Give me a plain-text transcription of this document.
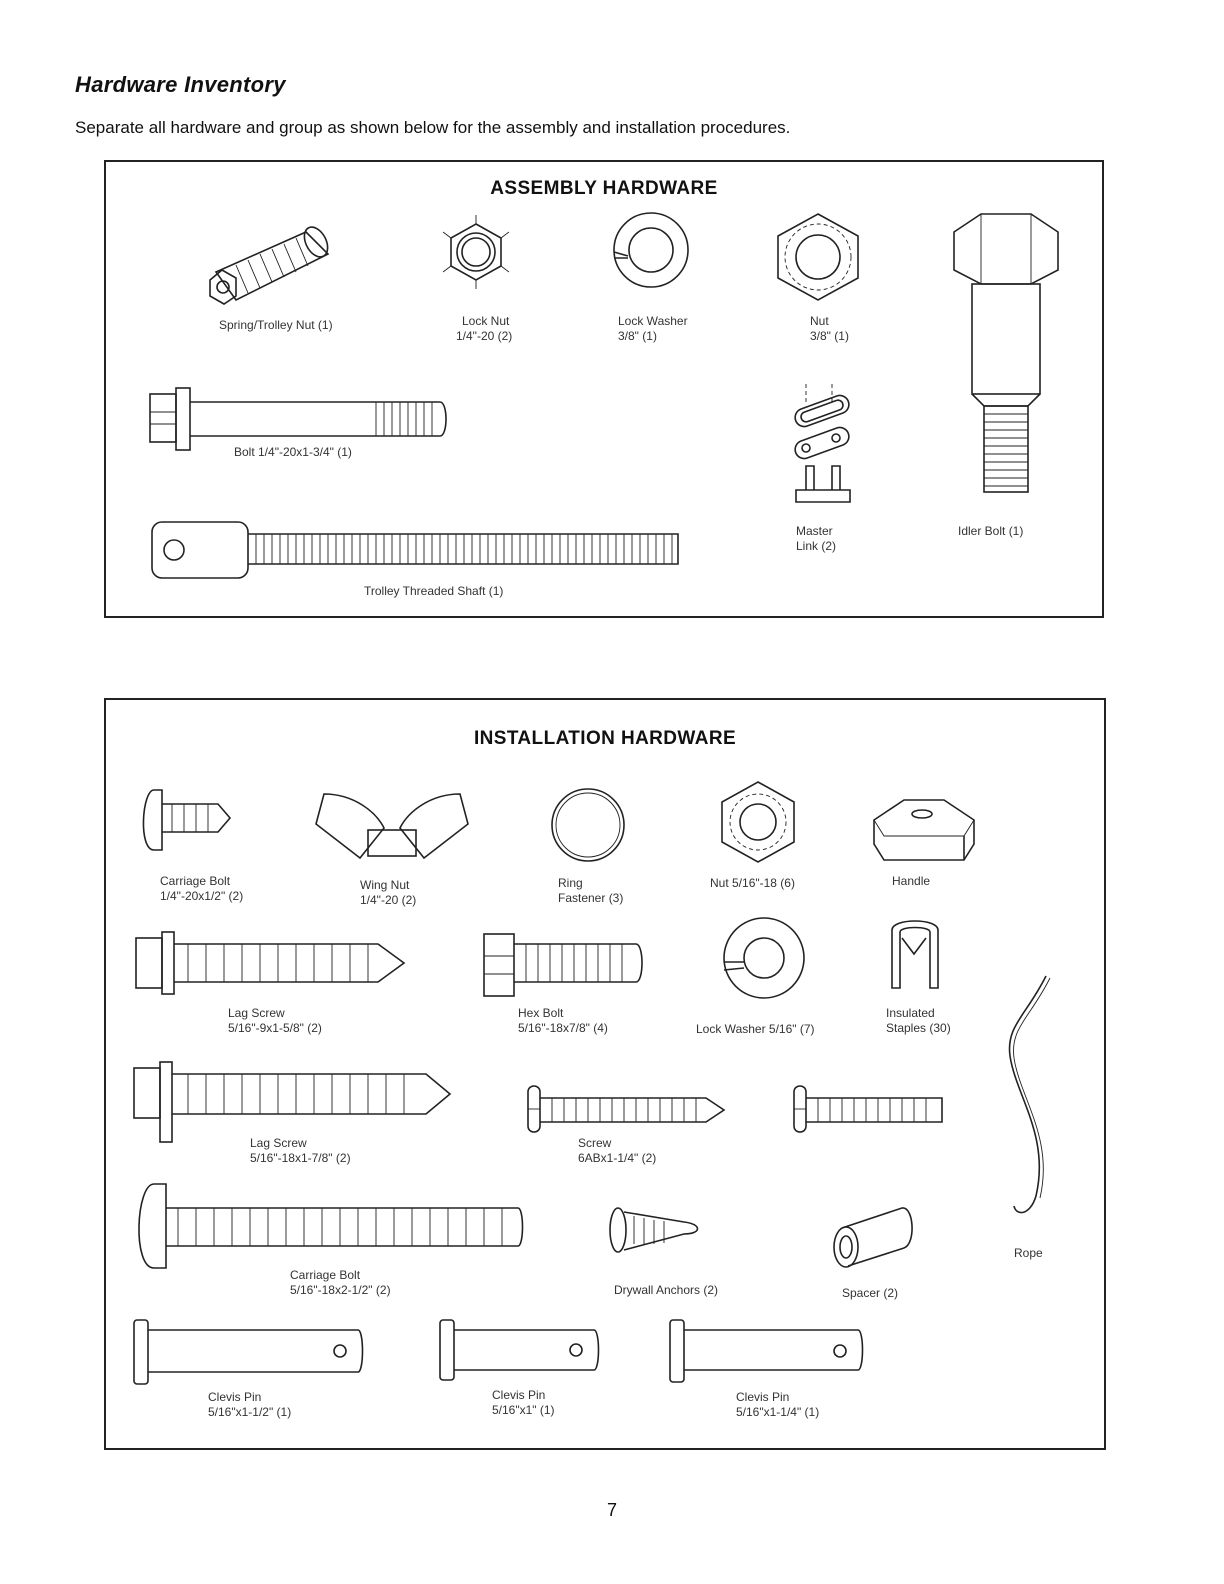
Hardware Inventory
Separate all hardware and group as shown below for the assembly and installation procedures.
ASSEMBLY HARDWARE
Spring/Trolley Nut (1)	Lock Nut
1/4"-20 (2)
Lock Washer
3/8" (1)
Nut
3/8" (1)
Bolt 1/4"-20x1-3/4" (1)
Master
Link (2)
Idler Bolt (1)
Trolley Threaded Shaft (1)
INSTALLATION HARDWARE
Carriage Bolt
1/4"-20x1/2" (2)
Wing Nut
1/4"-20 (2)
Ring
Fastener (3)
Nut 5/16"-18 (6)	Handle
Lag Screw
5/16"-9x1-5/8" (2)
Hex Bolt
5/16"-18x7/8" (4)	Lock Washer 5/16" (7)
Insulated
Staples (30)
Lag Screw
5/16"-18x1-7/8" (2)
Screw
6ABx1-1/4" (2)
Rope
Carriage Bolt
5/16"-18x2-1/2" (2)	Drywall Anchors (2)	Spacer (2)
Clevis Pin
5/16"x1-1/2" (1)
Clevis Pin
5/16"x1" (1)
Clevis Pin
5/16"x1-1/4" (1)
7
